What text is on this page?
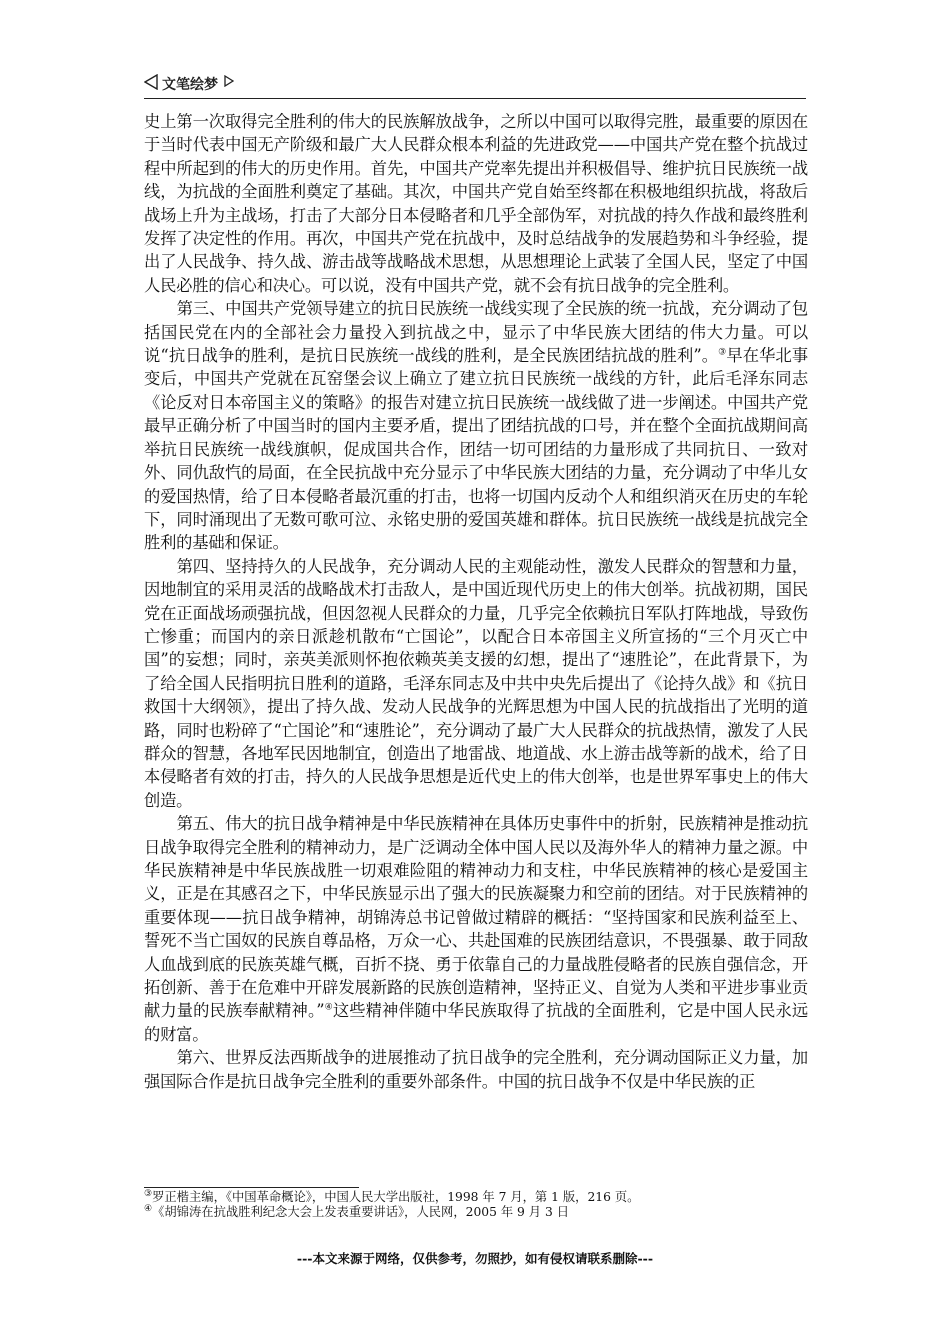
文笔绘梦

史上第一次取得完全胜利的伟大的民族解放战争，之所以中国可以取得完胜，最重要的原因在于当时代表中国无产阶级和最广大人民群众根本利益的先进政党——中国共产党在整个抗战过程中所起到的伟大的历史作用。首先，中国共产党率先提出并积极倡导、维护抗日民族统一战线，为抗战的全面胜利奠定了基础。其次，中国共产党自始至终都在积极地组织抗战，将敌后战场上升为主战场，打击了大部分日本侵略者和几乎全部伪军，对抗战的持久作战和最终胜利发挥了决定性的作用。再次，中国共产党在抗战中，及时总结战争的发展趋势和斗争经验，提出了人民战争、持久战、游击战等战略战术思想，从思想理论上武装了全国人民，坚定了中国人民必胜的信心和决心。可以说，没有中国共产党，就不会有抗日战争的完全胜利。

第三、中国共产党领导建立的抗日民族统一战线实现了全民族的统一抗战，充分调动了包括国民党在内的全部社会力量投入到抗战之中，显示了中华民族大团结的伟大力量。可以说“抗日战争的胜利，是抗日民族统一战线的胜利，是全民族团结抗战的胜利”。③早在华北事变后，中国共产党就在瓦窑堡会议上确立了建立抗日民族统一战线的方针，此后毛泽东同志《论反对日本帝国主义的策略》的报告对建立抗日民族统一战线做了进一步阐述。中国共产党最早正确分析了中国当时的国内主要矛盾，提出了团结抗战的口号，并在整个全面抗战期间高举抗日民族统一战线旗帜，促成国共合作，团结一切可团结的力量形成了共同抗日、一致对外、同仇敌忾的局面，在全民抗战中充分显示了中华民族大团结的力量，充分调动了中华儿女的爱国热情，给了日本侵略者最沉重的打击，也将一切国内反动个人和组织消灭在历史的车轮下，同时涌现出了无数可歌可泣、永铭史册的爱国英雄和群体。抗日民族统一战线是抗战完全胜利的基础和保证。

第四、坚持持久的人民战争，充分调动人民的主观能动性，激发人民群众的智慧和力量，因地制宜的采用灵活的战略战术打击敌人，是中国近现代历史上的伟大创举。抗战初期，国民党在正面战场顽强抗战，但因忽视人民群众的力量，几乎完全依赖抗日军队打阵地战，导致伤亡惨重；而国内的亲日派趁机散布“亡国论”，以配合日本帝国主义所宣扬的“三个月灭亡中国”的妄想；同时，亲英美派则怀抱依赖英美支援的幻想，提出了“速胜论”，在此背景下，为了给全国人民指明抗日胜利的道路，毛泽东同志及中共中央先后提出了《论持久战》和《抗日救国十大纲领》，提出了持久战、发动人民战争的光辉思想为中国人民的抗战指出了光明的道路，同时也粉碎了“亡国论”和“速胜论”，充分调动了最广大人民群众的抗战热情，激发了人民群众的智慧，各地军民因地制宜，创造出了地雷战、地道战、水上游击战等新的战术，给了日本侵略者有效的打击，持久的人民战争思想是近代史上的伟大创举，也是世界军事史上的伟大创造。

第五、伟大的抗日战争精神是中华民族精神在具体历史事件中的折射，民族精神是推动抗日战争取得完全胜利的精神动力，是广泛调动全体中国人民以及海外华人的精神力量之源。中华民族精神是中华民族战胜一切艰难险阻的精神动力和支柱，中华民族精神的核心是爱国主义，正是在其感召之下，中华民族显示出了强大的民族凝聚力和空前的团结。对于民族精神的重要体现——抗日战争精神，胡锦涛总书记曾做过精辟的概括：“坚持国家和民族利益至上、誓死不当亡国奴的民族自尊品格，万众一心、共赴国难的民族团结意识，不畏强暴、敢于同敌人血战到底的民族英雄气概，百折不挠、勇于依靠自己的力量战胜侵略者的民族自强信念，开拓创新、善于在危难中开辟发展新路的民族创造精神，坚持正义、自觉为人类和平进步事业贡献力量的民族奉献精神。”④这些精神伴随中华民族取得了抗战的全面胜利，它是中国人民永远的财富。

第六、世界反法西斯战争的进展推动了抗日战争的完全胜利，充分调动国际正义力量，加强国际合作是抗日战争完全胜利的重要外部条件。中国的抗日战争不仅是中华民族的正

③罗正楷主编，《中国革命概论》，中国人民大学出版社，1998 年 7 月，第 1 版，216 页。
④《胡锦涛在抗战胜利纪念大会上发表重要讲话》，人民网，2005 年 9 月 3 日
---本文来源于网络，仅供参考，勿照抄，如有侵权请联系删除---
